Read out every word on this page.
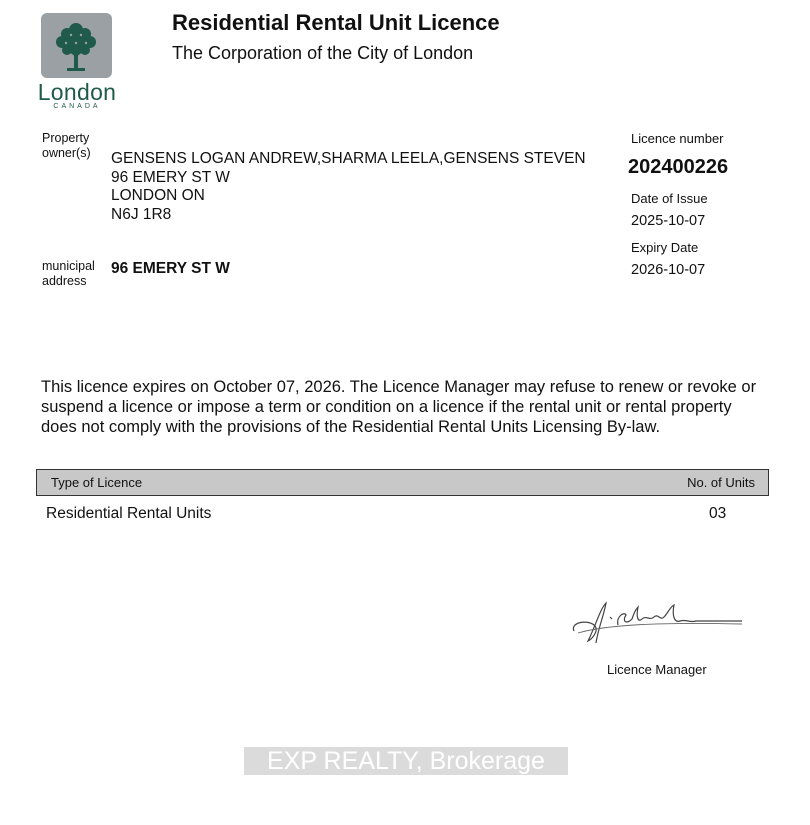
London
CANADA
Residential Rental Unit Licence
The Corporation of the City of London
Property
owner(s)	GENSENS LOGAN ANDREW,SHARMA LEELA,GENSENS STEVEN
96 EMERY ST W
LONDON ON
N6J 1R8
municipal
address
96 EMERY ST W
Licence number
202400226
Date of Issue
2025-10-07
Expiry Date
2026-10-07
This licence expires on October 07, 2026. The Licence Manager may refuse to renew or revoke or suspend a licence or impose a term or condition on a licence if the rental unit or rental property does not comply with the provisions of the Residential Rental Units Licensing By-law.
Type of Licence	No. of Units
Residential Rental Units	03
Licence Manager
EXP REALTY, Brokerage
